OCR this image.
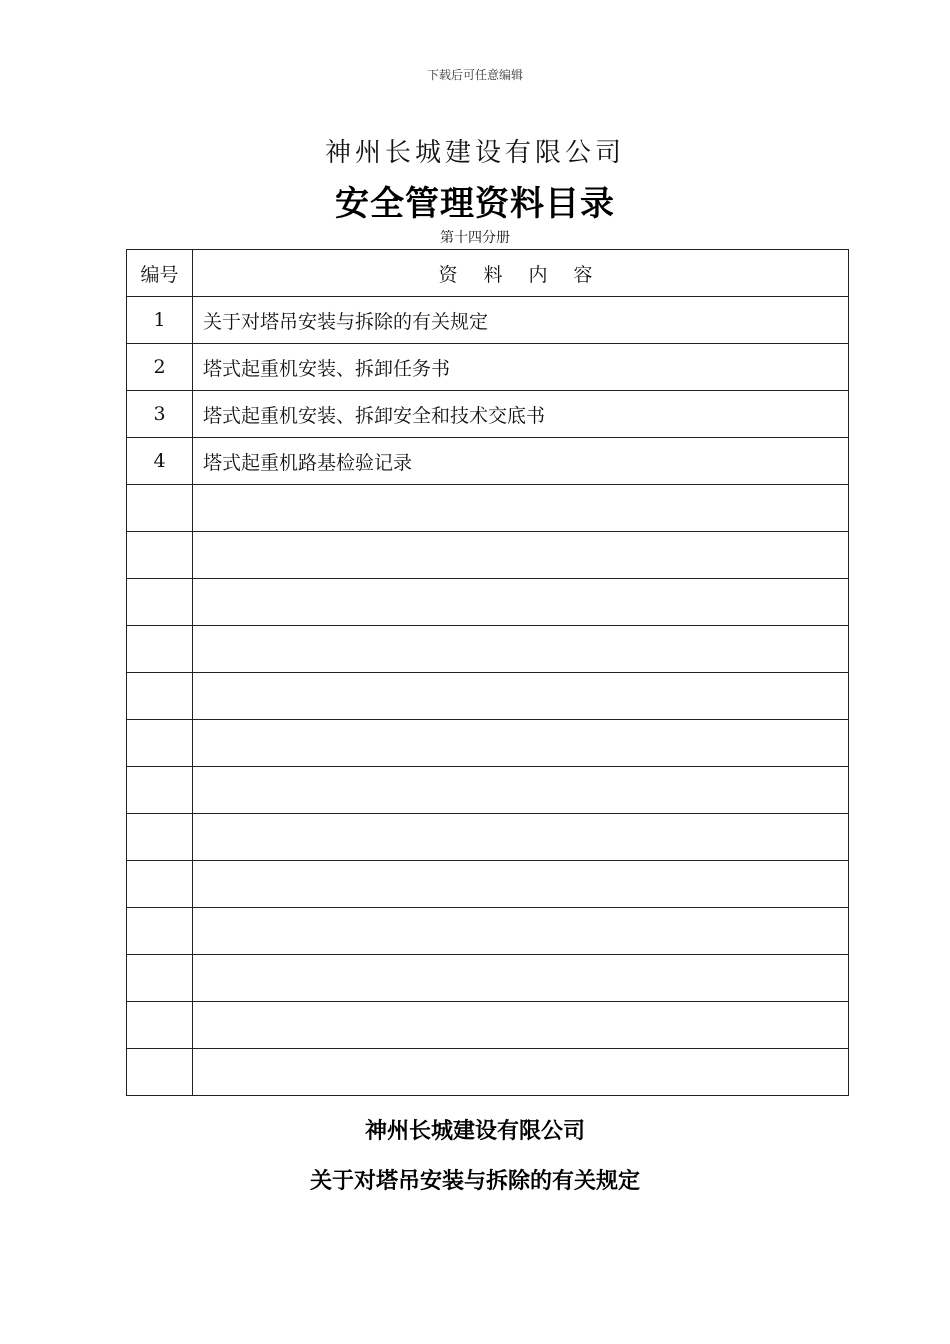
下载后可任意编辑
神州长城建设有限公司
安全管理资料目录
第十四分册
编号	资 料 内 容
1	关于对塔吊安装与拆除的有关规定
2	塔式起重机安装、拆卸任务书
3	塔式起重机安装、拆卸安全和技术交底书
4	塔式起重机路基检验记录

神州长城建设有限公司
关于对塔吊安装与拆除的有关规定
